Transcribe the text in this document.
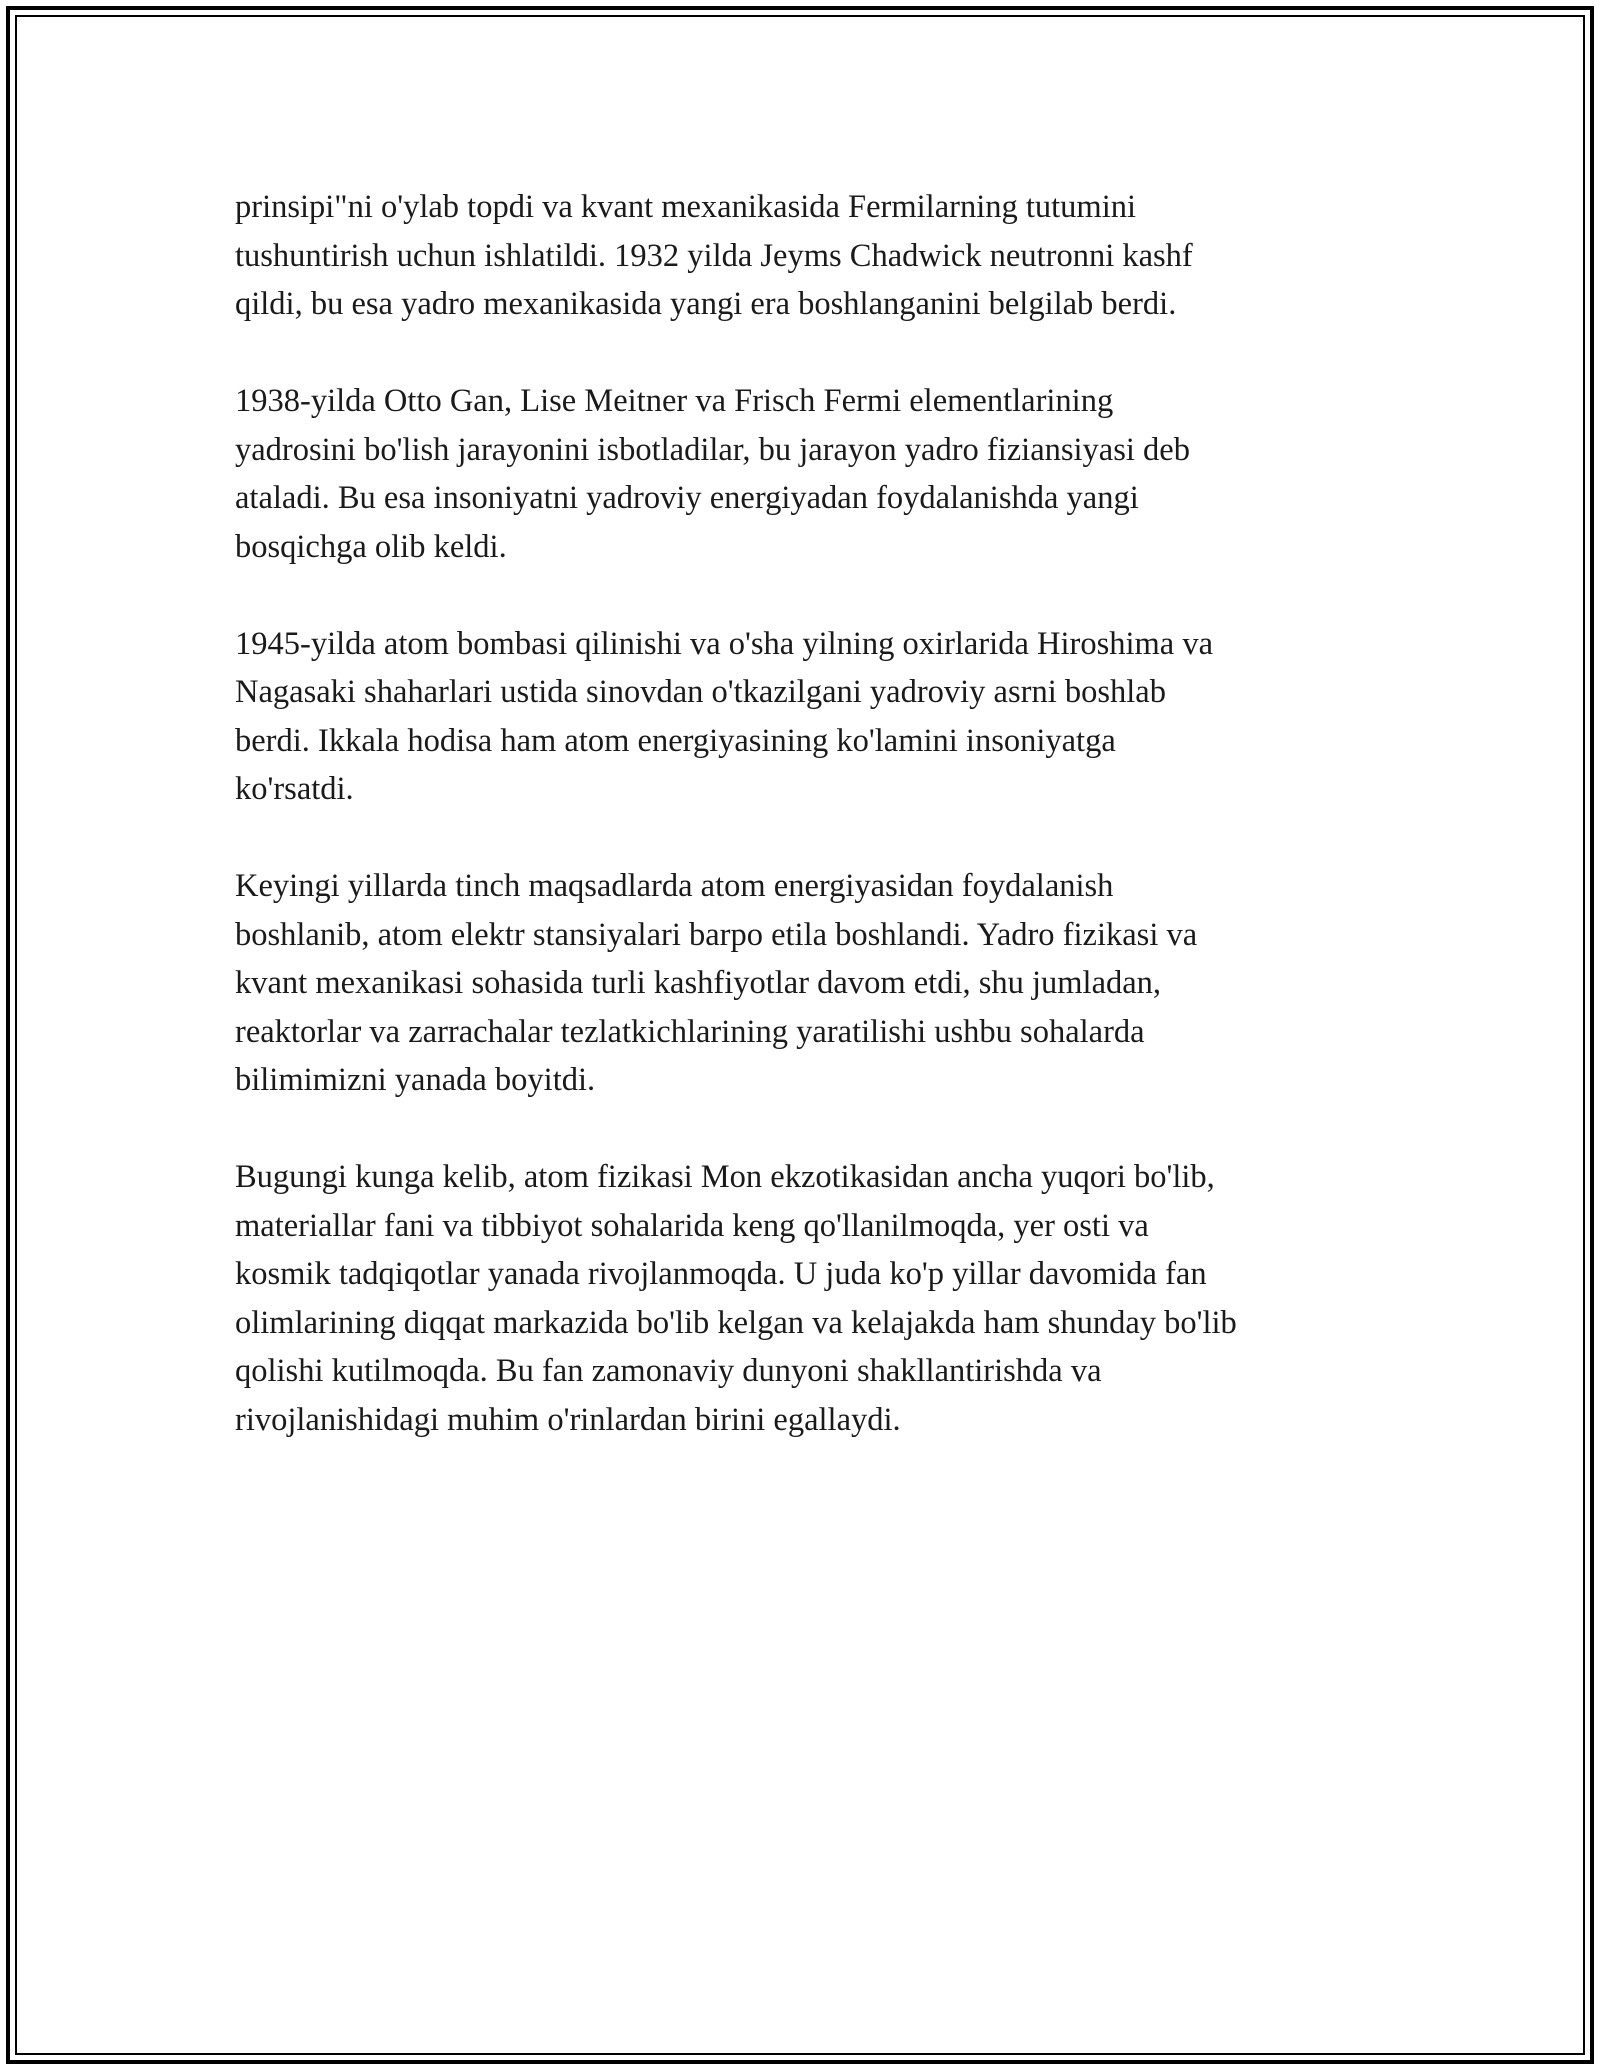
prinsipi"ni o'ylab topdi va kvant mexanikasida Fermilarning tutumini
tushuntirish uchun ishlatildi. 1932 yilda Jeyms Chadwick neutronni kashf
qildi, bu esa yadro mexanikasida yangi era boshlanganini belgilab berdi.

1938-yilda Otto Gan, Lise Meitner va Frisch Fermi elementlarining
yadrosini bo'lish jarayonini isbotladilar, bu jarayon yadro fiziansiyasi deb
ataladi. Bu esa insoniyatni yadroviy energiyadan foydalanishda yangi
bosqichga olib keldi.

1945-yilda atom bombasi qilinishi va o'sha yilning oxirlarida Hiroshima va
Nagasaki shaharlari ustida sinovdan o'tkazilgani yadroviy asrni boshlab
berdi. Ikkala hodisa ham atom energiyasining ko'lamini insoniyatga
ko'rsatdi.

Keyingi yillarda tinch maqsadlarda atom energiyasidan foydalanish
boshlanib, atom elektr stansiyalari barpo etila boshlandi. Yadro fizikasi va
kvant mexanikasi sohasida turli kashfiyotlar davom etdi, shu jumladan,
reaktorlar va zarrachalar tezlatkichlarining yaratilishi ushbu sohalarda
bilimimizni yanada boyitdi.

Bugungi kunga kelib, atom fizikasi Mon ekzotikasidan ancha yuqori bo'lib,
materiallar fani va tibbiyot sohalarida keng qo'llanilmoqda, yer osti va
kosmik tadqiqotlar yanada rivojlanmoqda. U juda ko'p yillar davomida fan
olimlarining diqqat markazida bo'lib kelgan va kelajakda ham shunday bo'lib
qolishi kutilmoqda. Bu fan zamonaviy dunyoni shakllantirishda va
rivojlanishidagi muhim o'rinlardan birini egallaydi.
